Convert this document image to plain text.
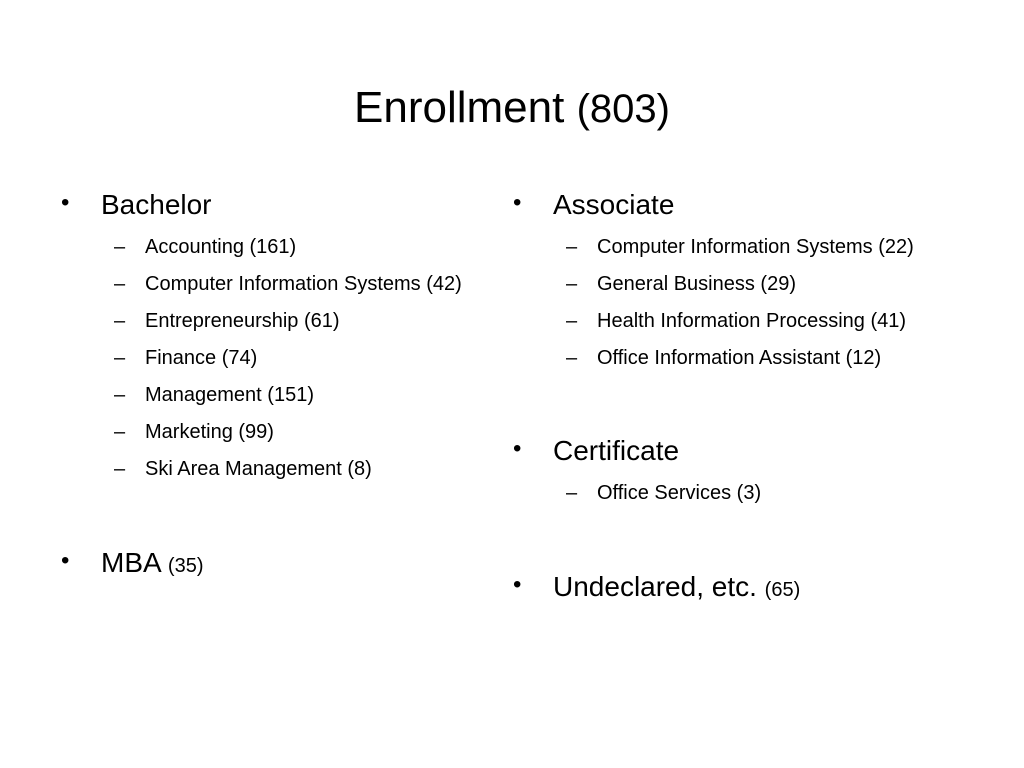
Enrollment (803)
• Bachelor
– Accounting (161)
– Computer Information Systems (42)
– Entrepreneurship (61)
– Finance (74)
– Management (151)
– Marketing (99)
– Ski Area Management (8)
• MBA (35)
• Associate
– Computer Information Systems (22)
– General Business (29)
– Health Information Processing (41)
– Office Information Assistant (12)
• Certificate
– Office Services (3)
• Undeclared, etc. (65)
